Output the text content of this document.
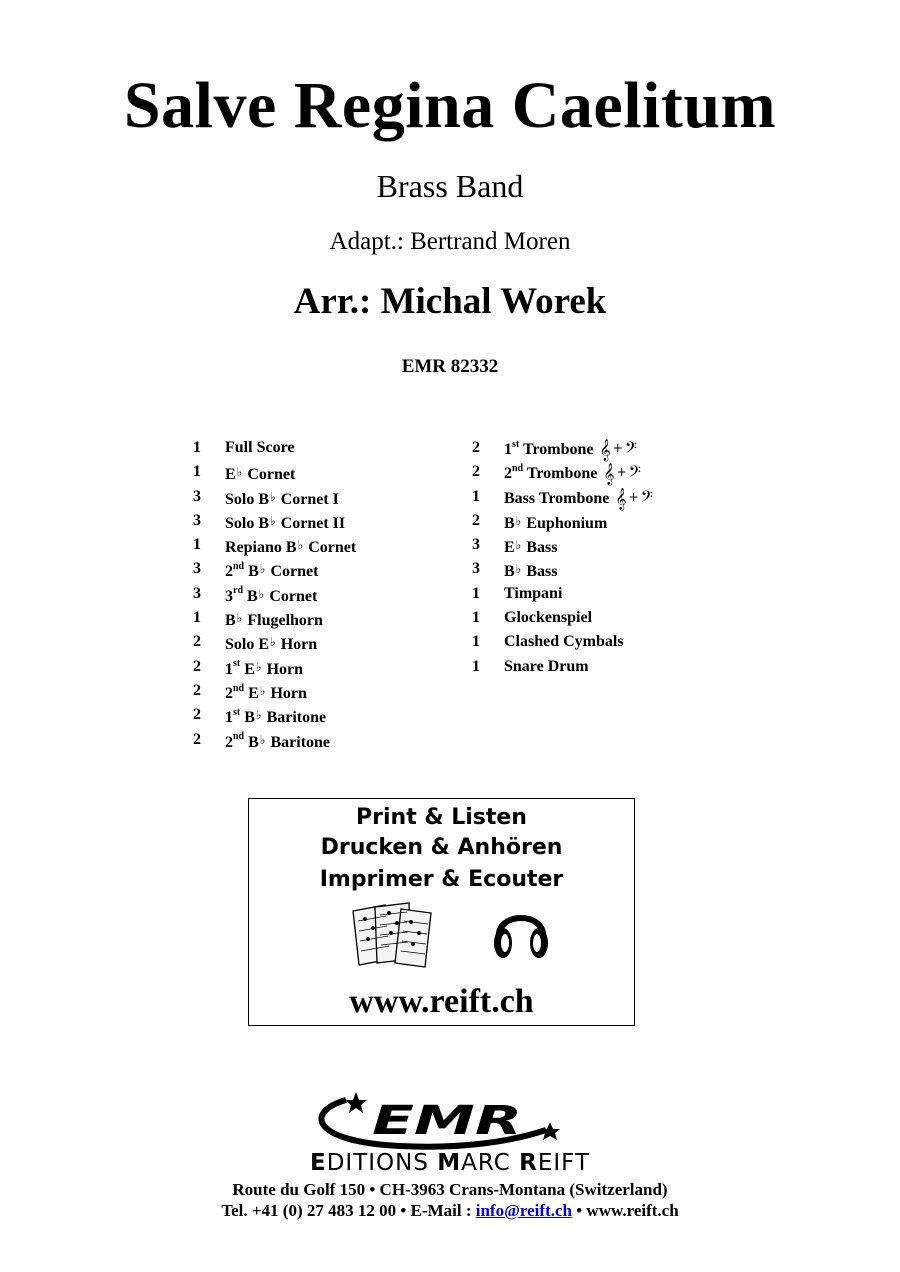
Salve Regina Caelitum
Brass Band
Adapt.: Bertrand Moren
Arr.: Michal Worek
EMR 82332
1	Full Score
1	E♭ Cornet
3	Solo B♭ Cornet I
3	Solo B♭ Cornet II
1	Repiano B♭ Cornet
3	2nd B♭ Cornet
3	3rd B♭ Cornet
1	B♭ Flugelhorn
2	Solo E♭ Horn
2	1st E♭ Horn
2	2nd E♭ Horn
2	1st B♭ Baritone
2	2nd B♭ Baritone
2	1st Trombone 𝄞 + 𝄢
2	2nd Trombone 𝄞 + 𝄢
1	Bass Trombone 𝄞 + 𝄢
2	B♭ Euphonium
3	E♭ Bass
3	B♭ Bass
1	Timpani
1	Glockenspiel
1	Clashed Cymbals
1	Snare Drum
Print & Listen
Drucken & Anhören
Imprimer & Ecouter
www.reift.ch
EMR
EDITIONS MARC REIFT
Route du Golf 150 • CH-3963 Crans-Montana (Switzerland)
Tel. +41 (0) 27 483 12 00 • E-Mail : info@reift.ch • www.reift.ch
